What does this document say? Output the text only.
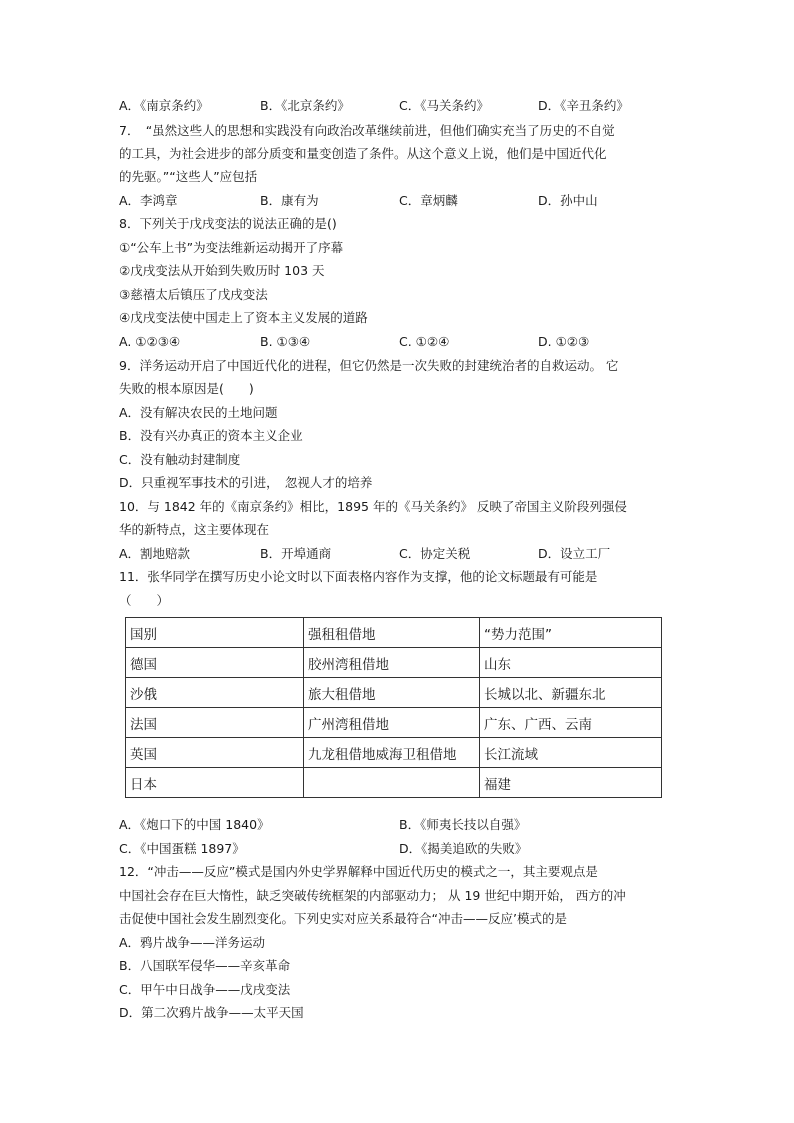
A．《南京条约》	B．《北京条约》	C．《马关条约》	D．《辛丑条约》
7．　“虽然这些人的思想和实践没有向政治改革继续前进，但他们确实充当了历史的不自觉
的工具，为社会进步的部分质变和量变创造了条件。从这个意义上说，他们是中国近代化
的先驱。”“这些人”应包括
A．李鸿章	B．康有为	C．章炳麟	D．孙中山
8．下列关于戊戌变法的说法正确的是()
①“公车上书”为变法维新运动揭开了序幕
②戊戌变法从开始到失败历时 103 天
③慈禧太后镇压了戊戌变法
④戊戌变法使中国走上了资本主义发展的道路
A. ①②③④	B. ①③④	C. ①②④	D. ①②③
9．洋务运动开启了中国近代化的进程，但它仍然是一次失败的封建统治者的自救运动。 它
失败的根本原因是(　　)
A．没有解决农民的土地问题
B．没有兴办真正的资本主义企业
C．没有触动封建制度
D．只重视军事技术的引进，　忽视人才的培养
10．与 1842 年的《南京条约》相比，1895 年的《马关条约》 反映了帝国主义阶段列强侵
华的新特点，这主要体现在
A．割地赔款	B．开埠通商	C．协定关税	D．设立工厂
11．张华同学在撰写历史小论文时以下面表格内容作为支撑，他的论文标题最有可能是
（　　）
国别	强租租借地	“势力范围”
德国	胶州湾租借地	山东
沙俄	旅大租借地	长城以北、新疆东北
法国	广州湾租借地	广东、广西、云南
英国	九龙租借地威海卫租借地	长江流域
日本		福建
A．《炮口下的中国 1840》	B．《师夷长技以自强》
C．《中国蛋糕 1897》	D．《揭美追欧的失败》
12．“冲击——反应”模式是国内外史学界解释中国近代历史的模式之一，其主要观点是
中国社会存在巨大惰性，缺乏突破传统框架的内部驱动力； 从 19 世纪中期开始， 西方的冲
击促使中国社会发生剧烈变化。下列史实对应关系最符合“冲击——反应’模式的是
A．鸦片战争——洋务运动
B．八国联军侵华——辛亥革命
C．甲午中日战争——戊戌变法
D．第二次鸦片战争——太平天国
